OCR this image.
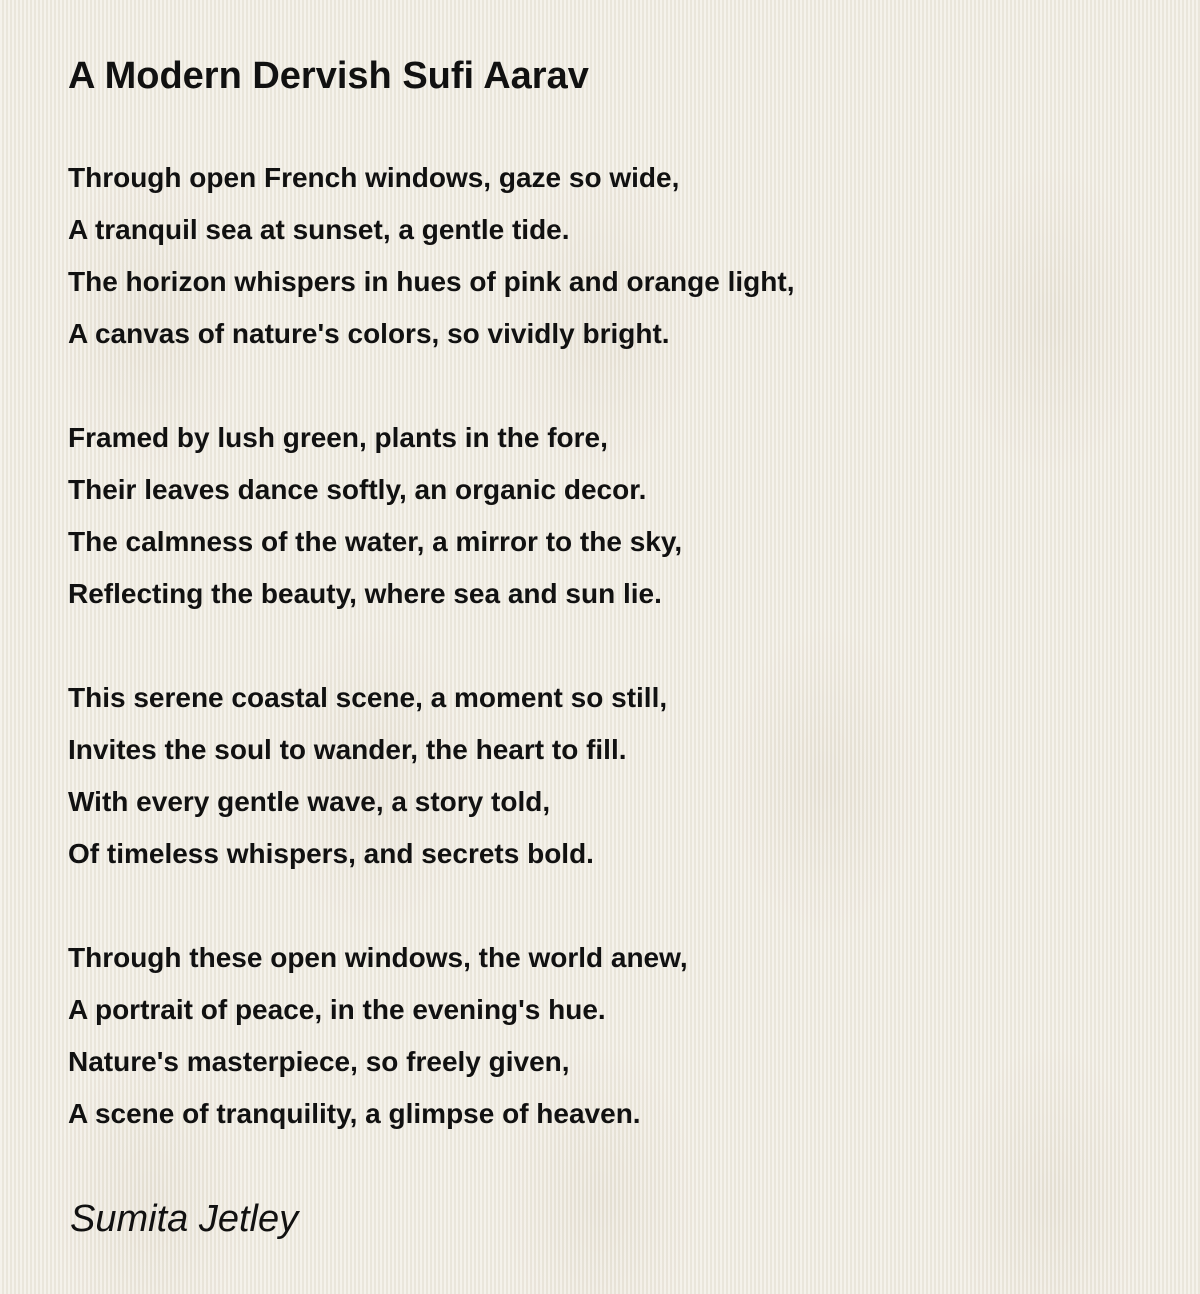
A Modern Dervish Sufi Aarav
Through open French windows, gaze so wide,
A tranquil sea at sunset, a gentle tide.
The horizon whispers in hues of pink and orange light,
A canvas of nature's colors, so vividly bright.
Framed by lush green, plants in the fore,
Their leaves dance softly, an organic decor.
The calmness of the water, a mirror to the sky,
Reflecting the beauty, where sea and sun lie.
This serene coastal scene, a moment so still,
Invites the soul to wander, the heart to fill.
With every gentle wave, a story told,
Of timeless whispers, and secrets bold.
Through these open windows, the world anew,
A portrait of peace, in the evening's hue.
Nature's masterpiece, so freely given,
A scene of tranquility, a glimpse of heaven.
Sumita Jetley
